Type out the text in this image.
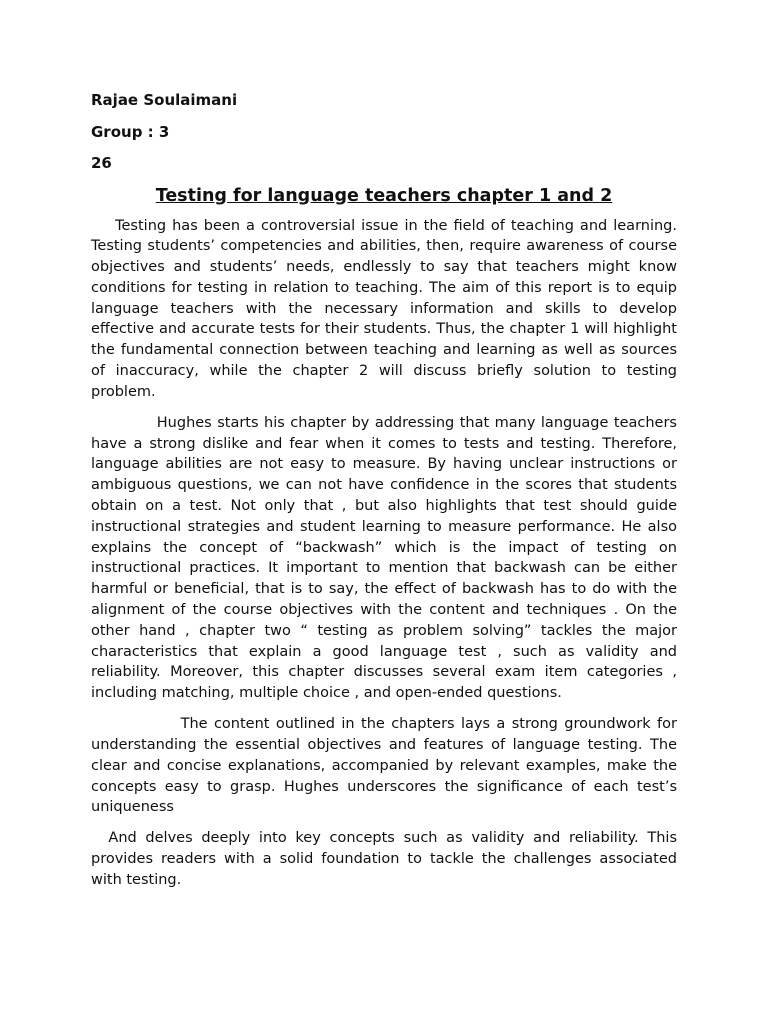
Rajae Soulaimani
Group : 3
26
Testing for language teachers chapter 1 and 2

Testing has been a controversial issue in the field of teaching and learning. Testing students’ competencies and abilities, then, require awareness of course objectives and students’ needs, endlessly to say that teachers might know conditions for testing in relation to teaching. The aim of this report is to equip language teachers with the necessary information and skills to develop effective and accurate tests for their students. Thus, the chapter 1 will highlight the fundamental connection between teaching and learning as well as sources of inaccuracy, while the chapter 2 will discuss briefly solution to testing problem.

Hughes starts his chapter by addressing that many language teachers have a strong dislike and fear when it comes to tests and testing. Therefore, language abilities are not easy to measure. By having unclear instructions or ambiguous questions, we can not have confidence in the scores that students obtain on a test. Not only that , but also highlights that test should guide instructional strategies and student learning to measure performance. He also explains the concept of “backwash” which is the impact of testing on instructional practices. It important to mention that backwash can be either harmful or beneficial, that is to say, the effect of backwash has to do with the alignment of the course objectives with the content and techniques . On the other hand , chapter two “ testing as problem solving” tackles the major characteristics that explain a good language test , such as validity and reliability. Moreover, this chapter discusses several exam item categories , including matching, multiple choice , and open-ended questions.

The content outlined in the chapters lays a strong groundwork for understanding the essential objectives and features of language testing. The clear and concise explanations, accompanied by relevant examples, make the concepts easy to grasp. Hughes underscores the significance of each test’s uniqueness

And delves deeply into key concepts such as validity and reliability. This provides readers with a solid foundation to tackle the challenges associated with testing.
